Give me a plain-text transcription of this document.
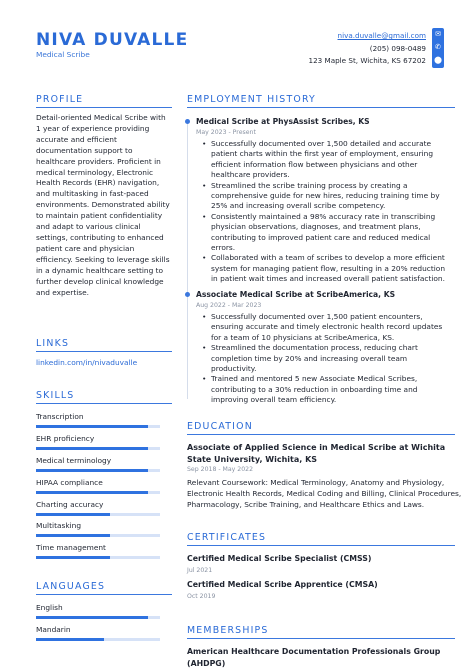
NIVA DUVALLE
Medical Scribe
niva.duvalle@gmail.com
(205) 098-0489
123 Maple St, Wichita, KS 67202
✉
✆
⬤
PROFILE
Detail-oriented Medical Scribe with 1 year of experience providing accurate and efficient documentation support to healthcare providers. Proficient in medical terminology, Electronic Health Records (EHR) navigation, and multitasking in fast-paced environments. Demonstrated ability to maintain patient confidentiality and adapt to various clinical settings, contributing to enhanced patient care and physician efficiency. Seeking to leverage skills in a dynamic healthcare setting to further develop clinical knowledge and expertise.
LINKS
linkedin.com/in/nivaduvalle
SKILLS
Transcription
EHR proficiency
Medical terminology
HIPAA compliance
Charting accuracy
Multitasking
Time management
LANGUAGES
English
Mandarin
EMPLOYMENT HISTORY
Medical Scribe at PhysAssist Scribes, KS
May 2023 - Present
• Successfully documented over 1,500 detailed and accurate patient charts within the first year of employment, ensuring efficient information flow between physicians and other healthcare providers.
• Streamlined the scribe training process by creating a comprehensive guide for new hires, reducing training time by 25% and increasing overall scribe competency.
• Consistently maintained a 98% accuracy rate in transcribing physician observations, diagnoses, and treatment plans, contributing to improved patient care and reduced medical errors.
• Collaborated with a team of scribes to develop a more efficient system for managing patient flow, resulting in a 20% reduction in patient wait times and increased overall patient satisfaction.
Associate Medical Scribe at ScribeAmerica, KS
Aug 2022 - Mar 2023
• Successfully documented over 1,500 patient encounters, ensuring accurate and timely electronic health record updates for a team of 10 physicians at ScribeAmerica, KS.
• Streamlined the documentation process, reducing chart completion time by 20% and increasing overall team productivity.
• Trained and mentored 5 new Associate Medical Scribes, contributing to a 30% reduction in onboarding time and improving overall team efficiency.
EDUCATION
Associate of Applied Science in Medical Scribe at Wichita State University, Wichita, KS
Sep 2018 - May 2022
Relevant Coursework: Medical Terminology, Anatomy and Physiology, Electronic Health Records, Medical Coding and Billing, Clinical Procedures, Pharmacology, Scribe Training, and Healthcare Ethics and Laws.
CERTIFICATES
Certified Medical Scribe Specialist (CMSS)
Jul 2021
Certified Medical Scribe Apprentice (CMSA)
Oct 2019
MEMBERSHIPS
American Healthcare Documentation Professionals Group (AHDPG)
